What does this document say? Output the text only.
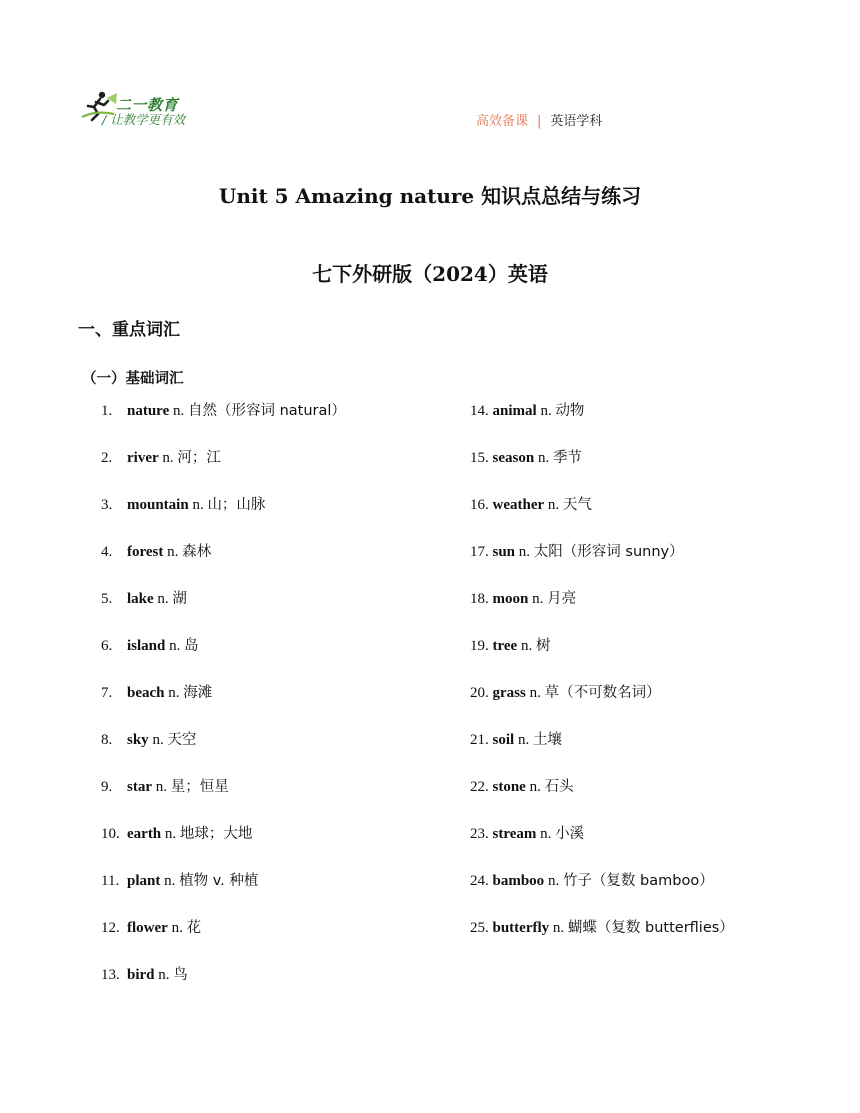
二一教育
/ 让教学更有效	高效备课 | 英语学科
Unit 5 Amazing nature 知识点总结与练习
七下外研版（2024）英语
一、重点词汇
（一）基础词汇
1. nature n. 自然（形容词 natural）
2. river n. 河；江
3. mountain n. 山；山脉
4. forest n. 森林
5. lake n. 湖
6. island n. 岛
7. beach n. 海滩
8. sky n. 天空
9. star n. 星；恒星
10. earth n. 地球；大地
11. plant n. 植物 v. 种植
12. flower n. 花
13. bird n. 鸟
14. animal n. 动物
15. season n. 季节
16. weather n. 天气
17. sun n. 太阳（形容词 sunny）
18. moon n. 月亮
19. tree n. 树
20. grass n. 草（不可数名词）
21. soil n. 土壤
22. stone n. 石头
23. stream n. 小溪
24. bamboo n. 竹子（复数 bamboo）
25. butterfly n. 蝴蝶（复数 butterflies）
